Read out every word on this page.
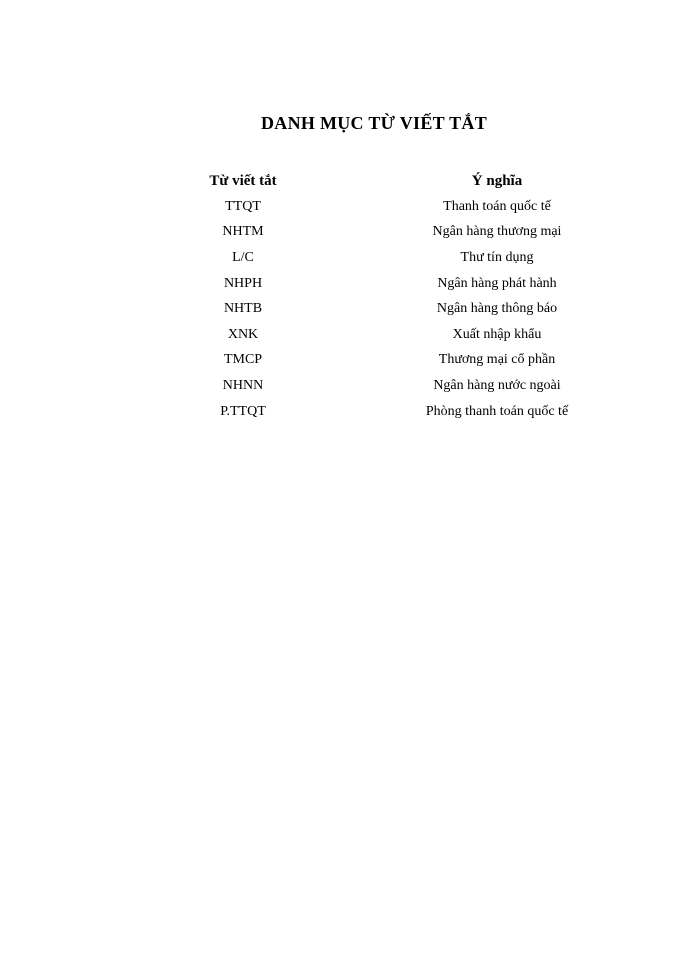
DANH MỤC TỪ VIẾT TẮT
Từ viết tắt	Ý nghĩa
TTQT	Thanh toán quốc tế
NHTM	Ngân hàng thương mại
L/C	Thư tín dụng
NHPH	Ngân hàng phát hành
NHTB	Ngân hàng thông báo
XNK	Xuất nhập khẩu
TMCP	Thương mại cổ phần
NHNN	Ngân hàng nước ngoài
P.TTQT	Phòng thanh toán quốc tế
